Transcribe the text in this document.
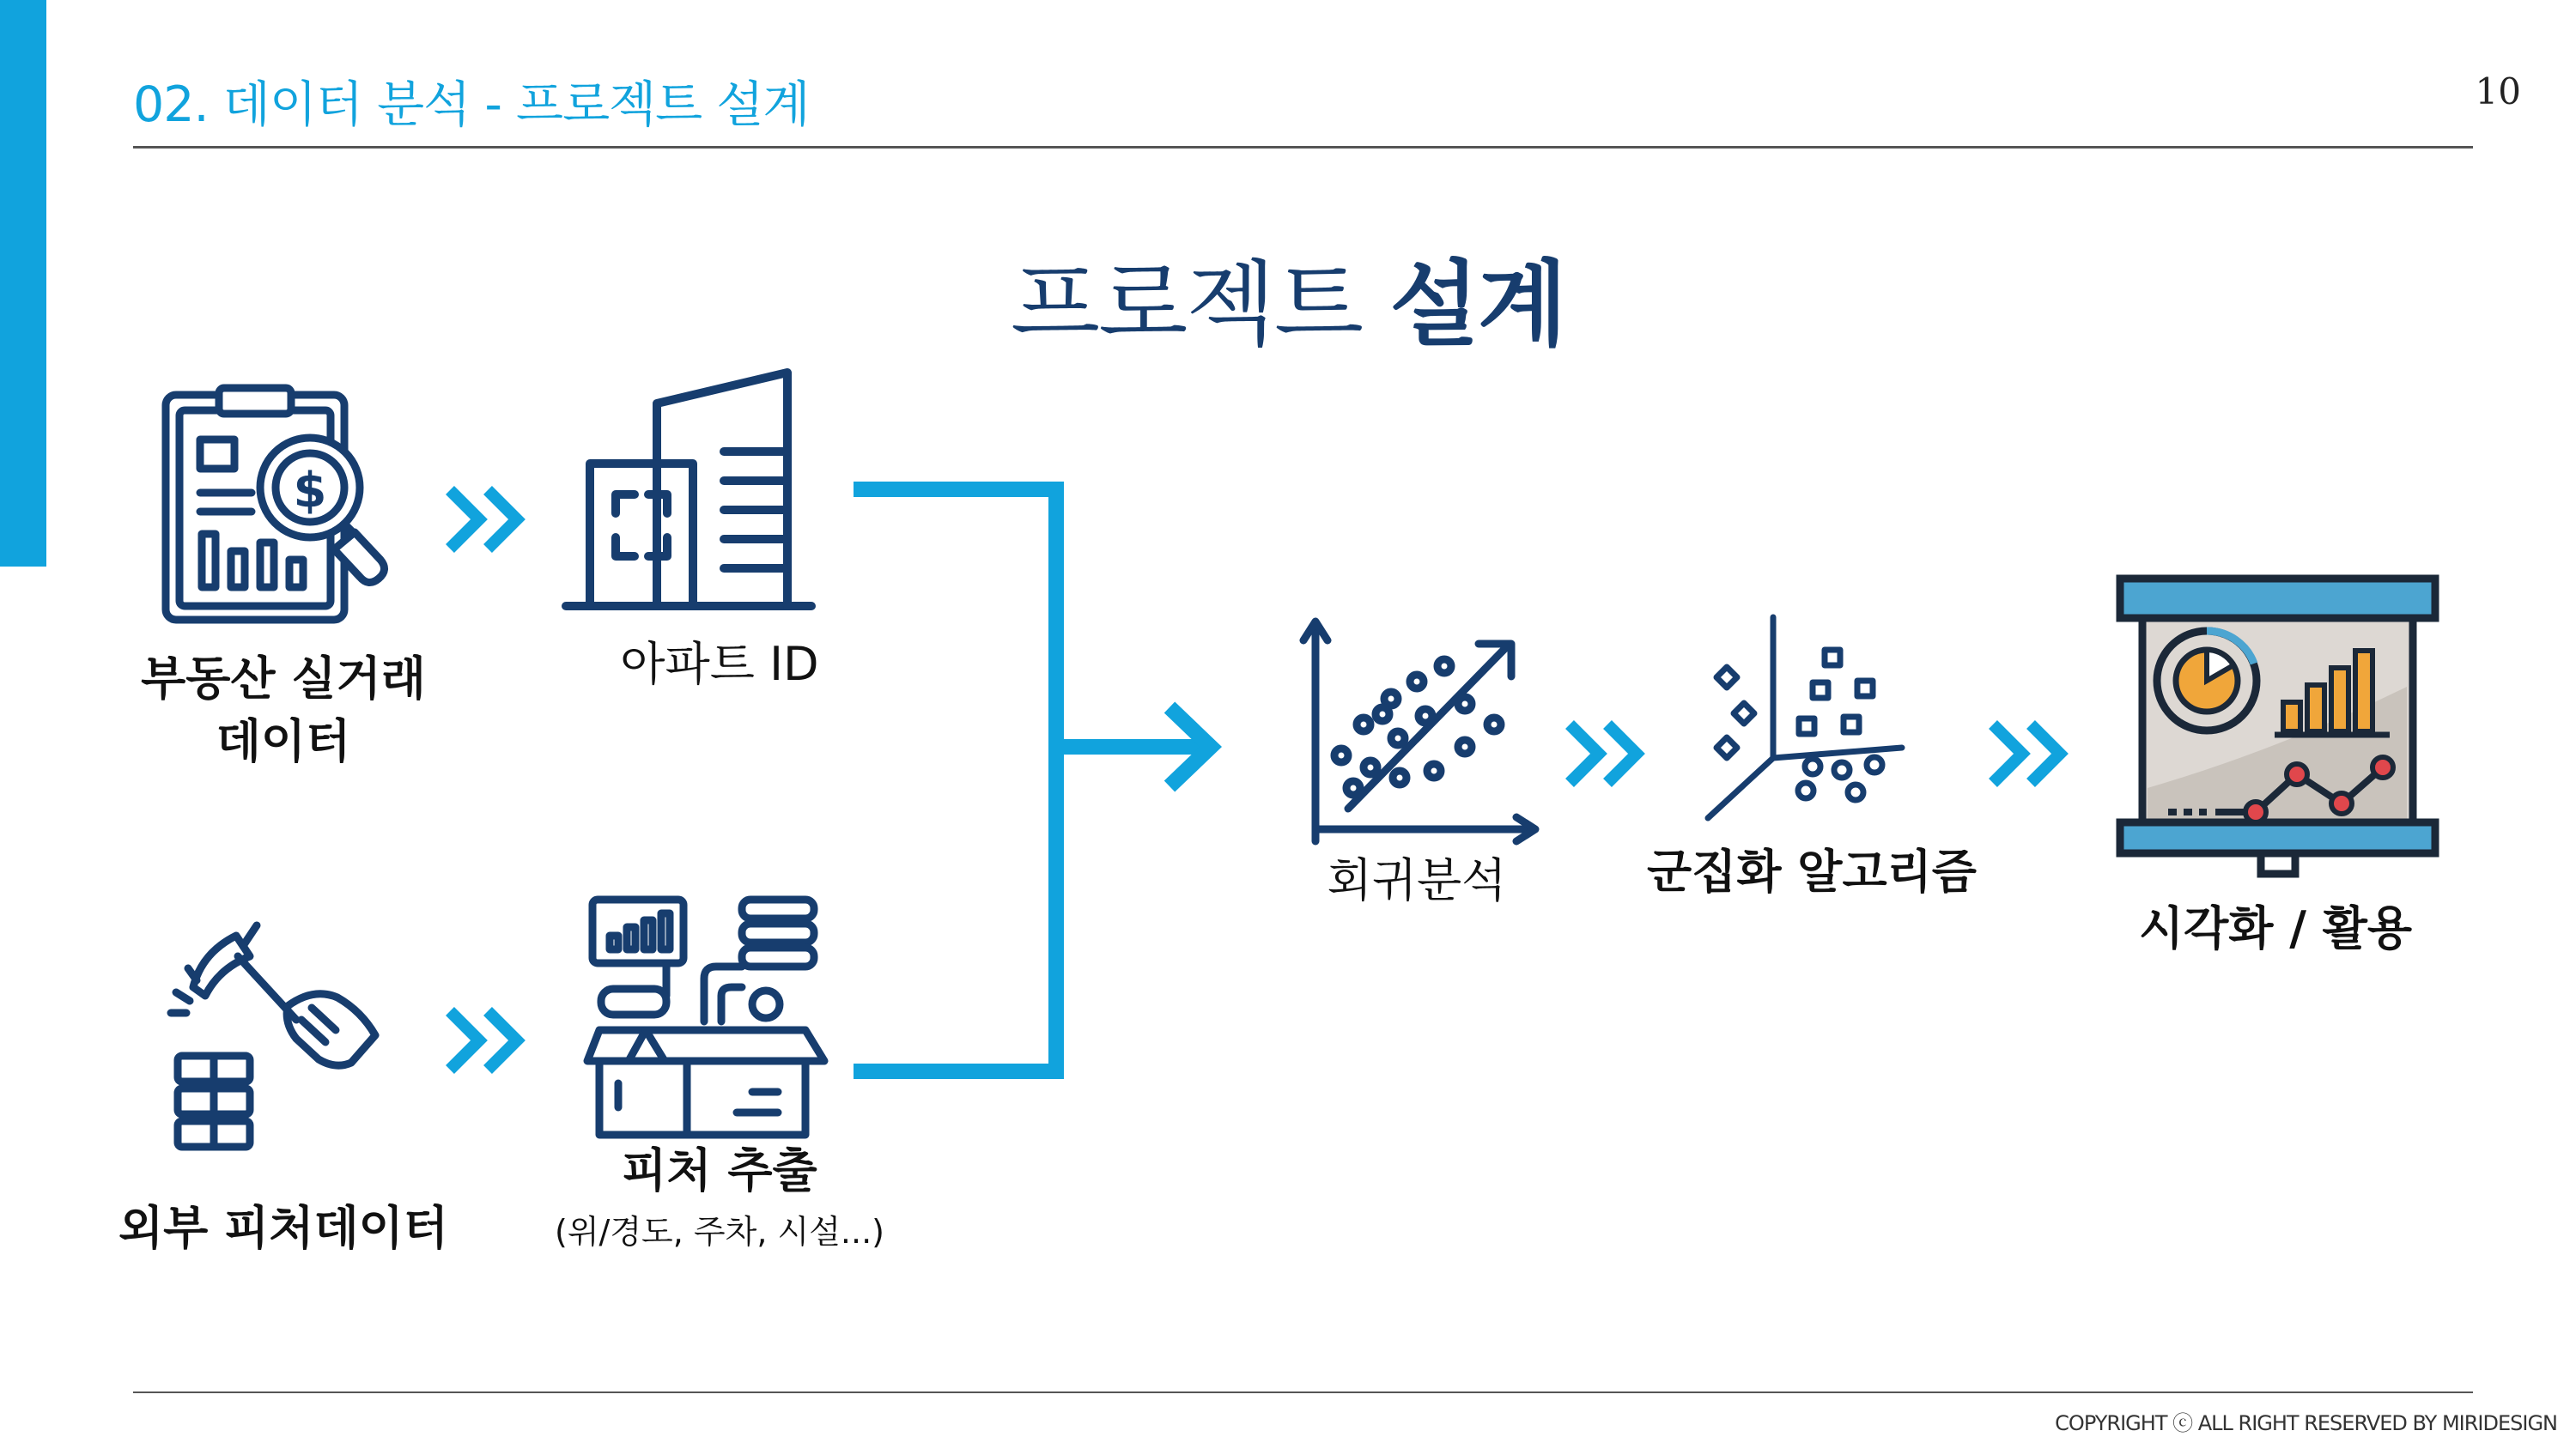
02. 데이터 분석 - 프로젝트 설계	10
프로젝트 설계
$
부동산 실거래
데이터
아파트 ID
외부 피처데이터
피처 추출
(위/경도, 주차, 시설...)
회귀분석	군집화 알고리즘
시각화 / 활용
COPYRIGHT ⓒ ALL RIGHT RESERVED BY MIRIDESIGN
